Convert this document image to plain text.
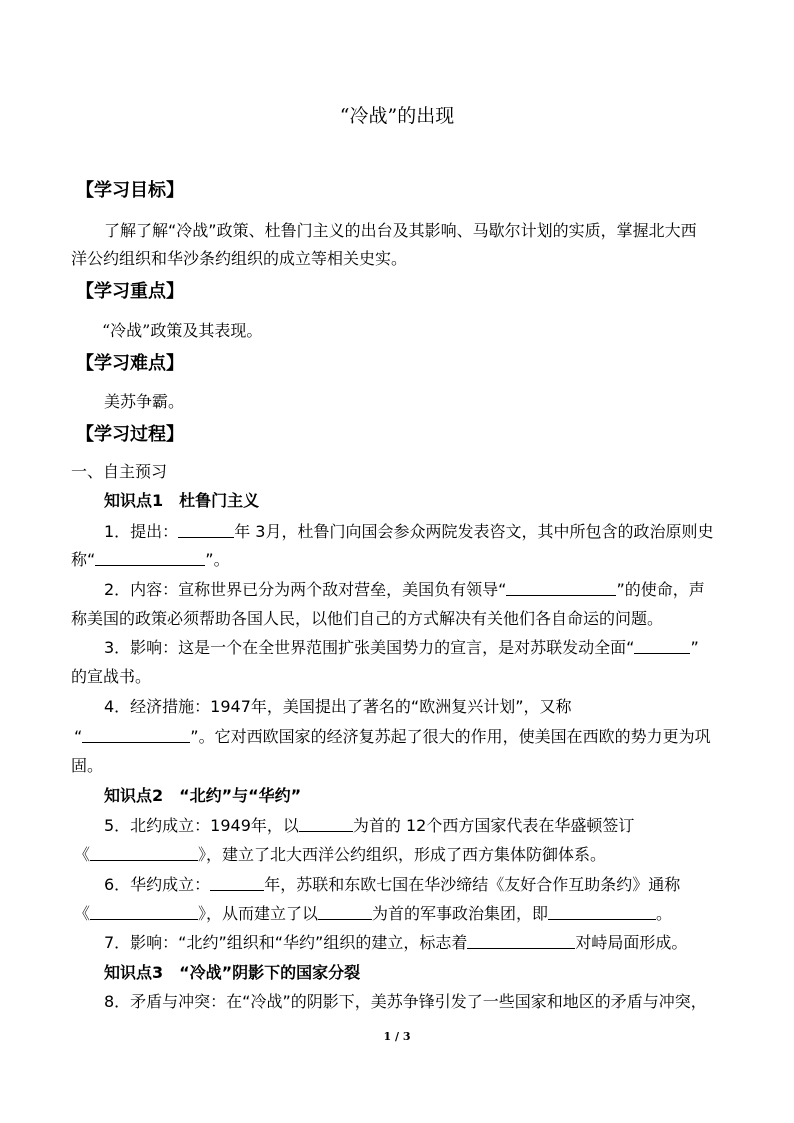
“冷战”的出现
【学习目标】
了解了解“冷战”政策、杜鲁门主义的出台及其影响、马歇尔计划的实质，掌握北大西
洋公约组织和华沙条约组织的成立等相关史实。
【学习重点】
“冷战”政策及其表现。
【学习难点】
美苏争霸。
【学习过程】
一、自主预习
知识点1　杜鲁门主义
1．提出：	年 3月，杜鲁门向国会参众两院发表咨文，其中所包含的政治原则史
称“	”。
2．内容：宣称世界已分为两个敌对营垒，美国负有领导“	”的使命，声
称美国的政策必须帮助各国人民，以他们自己的方式解决有关他们各自命运的问题。
3．影响：这是一个在全世界范围扩张美国势力的宣言，是对苏联发动全面“	”
的宣战书。
4．经济措施：1947年，美国提出了著名的“欧洲复兴计划”，又称
“	”。它对西欧国家的经济复苏起了很大的作用，使美国在西欧的势力更为巩
固。
知识点2　“北约”与“华约”
5．北约成立：1949年，以	为首的 12个西方国家代表在华盛顿签订
《	》，建立了北大西洋公约组织，形成了西方集体防御体系。
6．华约成立：	年，苏联和东欧七国在华沙缔结《友好合作互助条约》通称
《	》，从而建立了以	为首的军事政治集团，即	。
7．影响：“北约”组织和“华约”组织的建立，标志着	对峙局面形成。
知识点3　“冷战”阴影下的国家分裂
8．矛盾与冲突：在“冷战”的阴影下，美苏争锋引发了一些国家和地区的矛盾与冲突，
1 / 3
